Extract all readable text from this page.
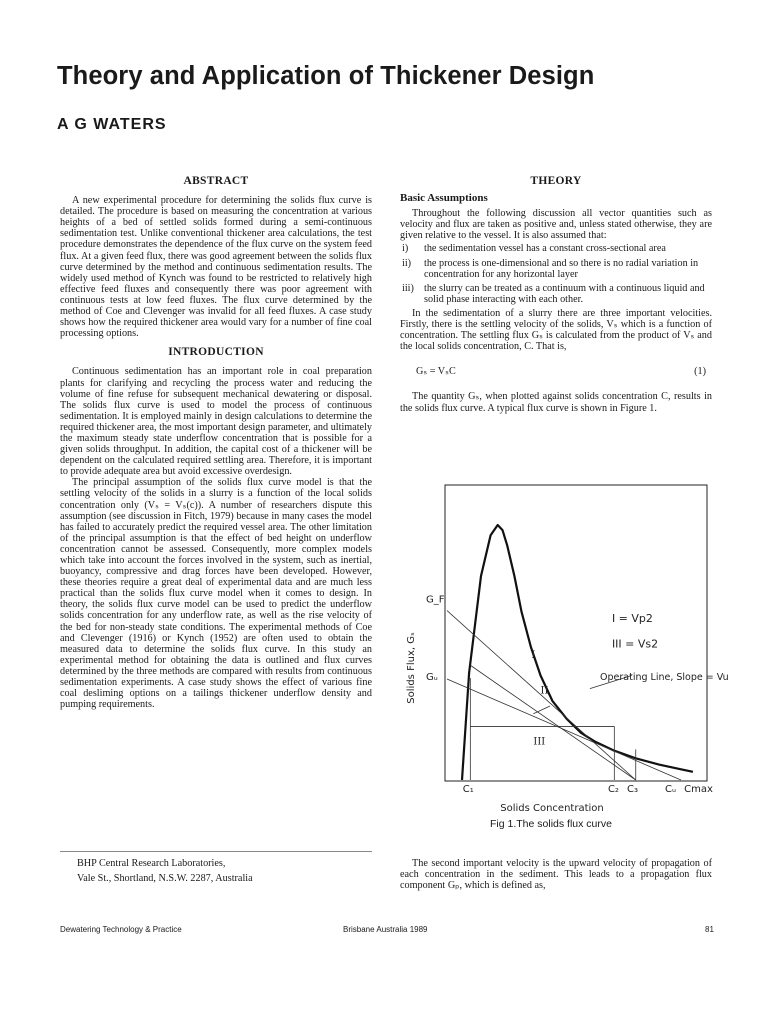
Theory and Application of Thickener Design
A G WATERS

ABSTRACT

A new experimental procedure for determining the solids flux curve is detailed. The procedure is based on measuring the concentration at various heights of a bed of settled solids formed during a semi-continuous sedimentation test. Unlike conventional thickener area calculations, the test procedure demonstrates the dependence of the flux curve on the system feed flux. At a given feed flux, there was good agreement between the solids flux curve determined by the method and continuous sedimentation results. The widely used method of Kynch was found to be restricted to relatively high effective feed fluxes and consequently there was poor agreement with continuous tests at low feed fluxes. The flux curve determined by the method of Coe and Clevenger was invalid for all feed fluxes. A case study shows how the required thickener area would vary for a number of fine coal processing options.

INTRODUCTION

Continuous sedimentation has an important role in coal preparation plants for clarifying and recycling the process water and reducing the volume of fine refuse for subsequent mechanical dewatering or disposal. The solids flux curve is used to model the process of continuous sedimentation. It is employed mainly in design calculations to determine the required thickener area, the most important design parameter, and ultimately the maximum steady state underflow concentration that is possible for a given solids throughput. In addition, the capital cost of a thickener will be dependent on the calculated required settling area. Therefore, it is important to provide adequate area but avoid excessive overdesign.

The principal assumption of the solids flux curve model is that the settling velocity of the solids in a slurry is a function of the local solids concentration only (Vₛ = Vₛ(c)). A number of researchers dispute this assumption (see discussion in Fitch, 1979) because in many cases the model has failed to accurately predict the required vessel area. The other limitation of the principal assumption is that the effect of bed height on underflow concentration cannot be assessed. Consequently, more complex models which take into account the forces involved in the system, such as inertial, buoyancy, compressive and drag forces have been developed. However, these theories require a great deal of experimental data and are much less practical than the solids flux curve model when it comes to design. In theory, the solids flux curve model can be used to predict the underflow solids concentration for any underflow rate, as well as the rise velocity of the bed for non-steady state conditions. The experimental methods of Coe and Clevenger (1916) or Kynch (1952) are often used to obtain the measured data to determine the solids flux curve. In this study an experimental method for obtaining the data is outlined and flux curves determined by the three methods are compared with results from continuous sedimentation experiments. A case study shows the effect of various fine coal desliming options on a tailings thickener underflow density and pumping requirements.

BHP Central Research Laboratories,
Vale St., Shortland, N.S.W. 2287, Australia

THEORY

Basic Assumptions

Throughout the following discussion all vector quantities such as velocity and flux are taken as positive and, unless stated otherwise, they are given relative to the vessel. It is also assumed that:

i)	the sedimentation vessel has a constant cross-sectional area
ii)	the process is one-dimensional and so there is no radial variation in concentration for any horizontal layer
iii) the slurry can be treated as a continuum with a continuous liquid and solid phase interacting with each other.

In the sedimentation of a slurry there are three important velocities. Firstly, there is the settling velocity of the solids, Vₛ which is a function of concentration. The settling flux Gₛ is calculated from the product of Vₛ and the local solids concentration, C. That is,

Gₛ = VₛC	(1)

The quantity Gₛ, when plotted against solids concentration C, results in the solids flux curve. A typical flux curve is shown in Figure 1.

G_F
Gᵤ
C₁	C₂ C₃	Cᵤ Cmax
I = Vp2
III = Vs2
Operating Line, Slope = Vu
I
II
III
Solids Flux, Gₛ
Solids Concentration
Fig 1.The solids flux curve

The second important velocity is the upward velocity of propagation of each concentration in the sediment. This leads to a propagation flux component Gₚ, which is defined as,

Dewatering Technology & Practice	Brisbane Australia 1989	81
